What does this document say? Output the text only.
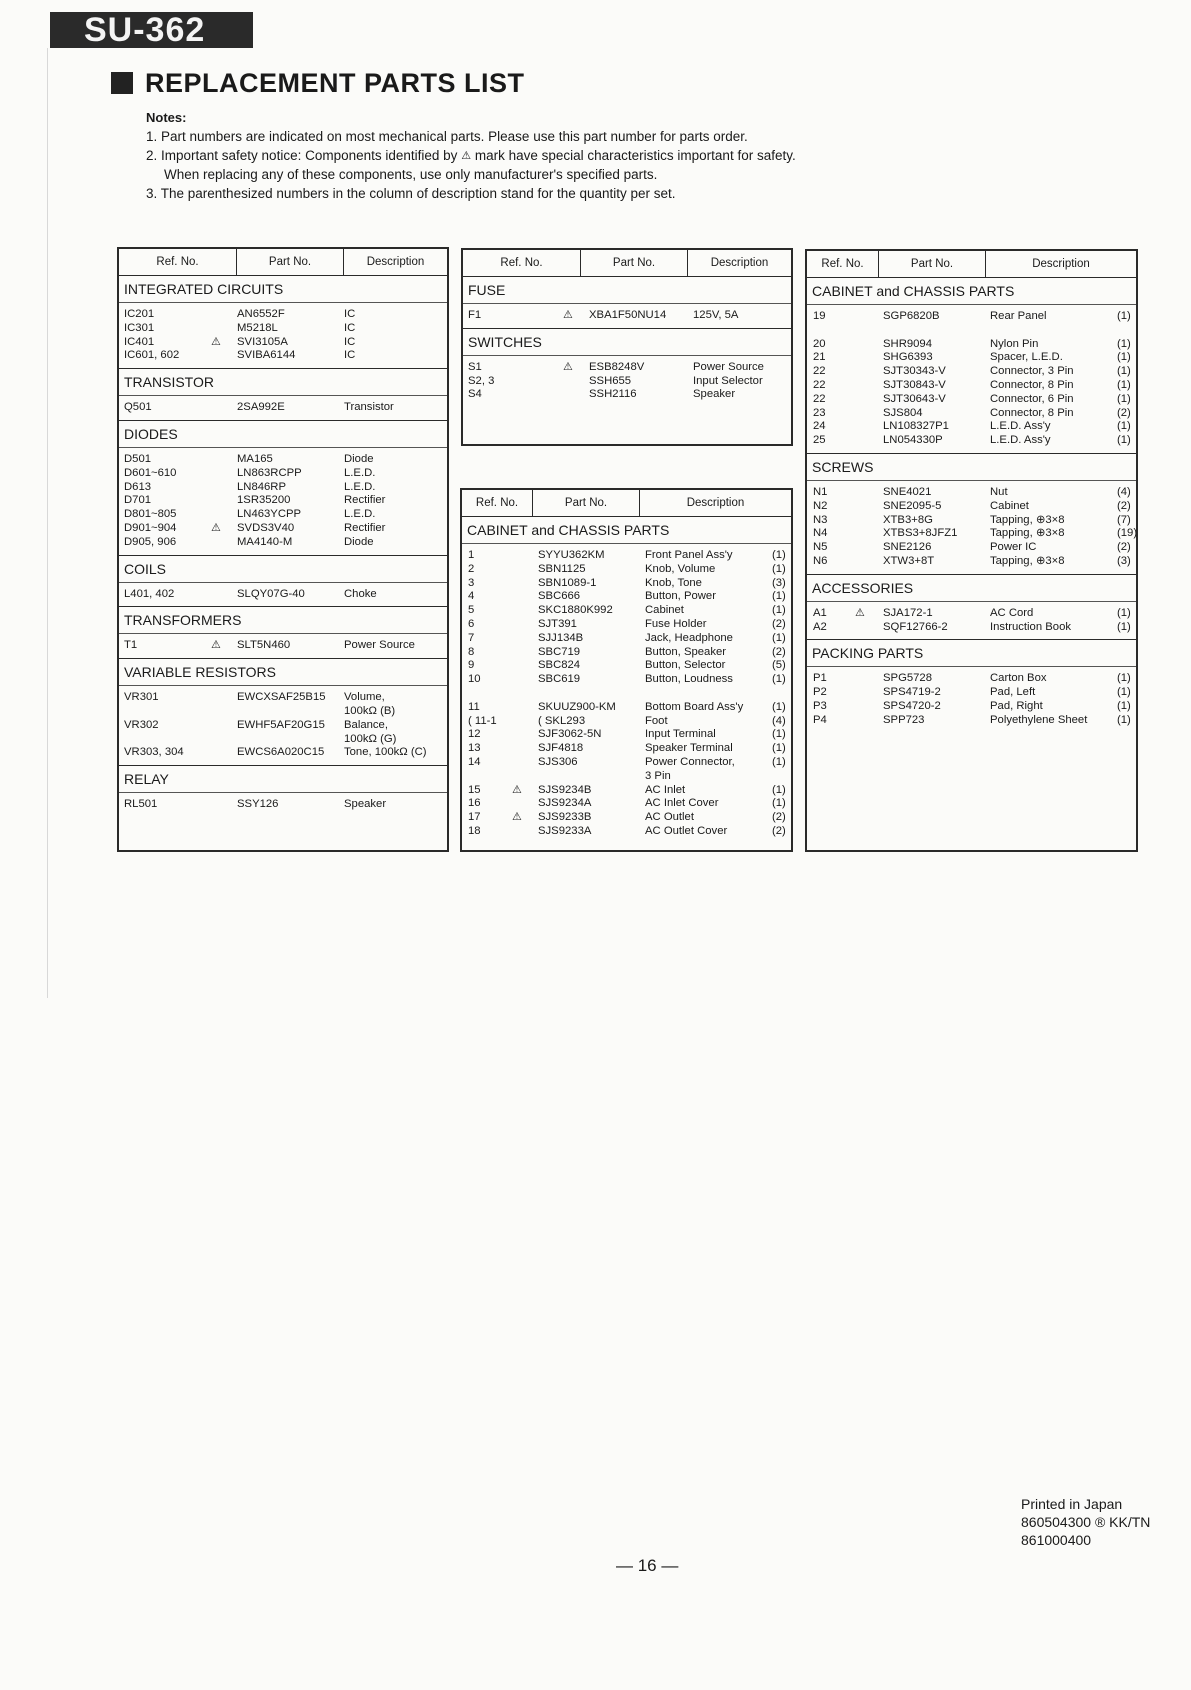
SU-362
REPLACEMENT PARTS LIST
Notes:
1. Part numbers are indicated on most mechanical parts. Please use this part number for parts order.
2. Important safety notice: Components identified by ⚠ mark have special characteristics important for safety.
When replacing any of these components, use only manufacturer's specified parts.
3. The parenthesized numbers in the column of description stand for the quantity per set.
Ref. No.	Part No.	Description
INTEGRATED CIRCUITS
IC201	AN6552F	IC
IC301	M5218L	IC
IC401	⚠ SVI3105A	IC
IC601, 602	SVIBA6144	IC
TRANSISTOR
Q501	2SA992E	Transistor
DIODES
D501	MA165	Diode
D601~610	LN863RCPP	L.E.D.
D613	LN846RP	L.E.D.
D701	1SR35200	Rectifier
D801~805	LN463YCPP	L.E.D.
D901~904	⚠ SVDS3V40	Rectifier
D905, 906	MA4140-M	Diode
COILS
L401, 402	SLQY07G-40	Choke
TRANSFORMERS
T1	⚠ SLT5N460	Power Source
VARIABLE RESISTORS
VR301	EWCXSAF25B15 Volume,
100kΩ (B)
VR302	EWHF5AF20G15 Balance,
100kΩ (G)
VR303, 304	EWCS6A020C15 Tone, 100kΩ (C)
RELAY
RL501	SSY126	Speaker
Ref. No.	Part No.	Description
FUSE
F1	⚠ XBA1F50NU14 125V, 5A
SWITCHES
S1	⚠ ESB8248V	Power Source
S2, 3	SSH655	Input Selector
S4	SSH2116	Speaker
Ref. No.	Part No.	Description
CABINET and CHASSIS PARTS
1	SYYU362KM	Front Panel Ass'y	(1)
2	SBN1125	Knob, Volume	(1)
3	SBN1089-1	Knob, Tone	(3)
4	SBC666	Button, Power	(1)
5	SKC1880K992	Cabinet	(1)
6	SJT391	Fuse Holder	(2)
7	SJJ134B	Jack, Headphone	(1)
8	SBC719	Button, Speaker	(2)
9	SBC824	Button, Selector	(5)
10	SBC619	Button, Loudness	(1)
11	SKUUZ900-KM	Bottom Board Ass'y	(1)
( 11-1	( SKL293	Foot	(4)
12	SJF3062-5N	Input Terminal	(1)
13	SJF4818	Speaker Terminal	(1)
14	SJS306	Power Connector,	(1)
3 Pin
15	⚠ SJS9234B	AC Inlet	(1)
16	SJS9234A	AC Inlet Cover	(1)
17	⚠ SJS9233B	AC Outlet	(2)
18	SJS9233A	AC Outlet Cover	(2)
Ref. No.	Part No.	Description
CABINET and CHASSIS PARTS
19	SGP6820B	Rear Panel	(1)
20	SHR9094	Nylon Pin	(1)
21	SHG6393	Spacer, L.E.D.	(1)
22	SJT30343-V	Connector, 3 Pin	(1)
22	SJT30843-V	Connector, 8 Pin	(1)
22	SJT30643-V	Connector, 6 Pin	(1)
23	SJS804	Connector, 8 Pin	(2)
24	LN108327P1	L.E.D. Ass'y	(1)
25	LN054330P	L.E.D. Ass'y	(1)
SCREWS
N1	SNE4021	Nut	(4)
N2	SNE2095-5	Cabinet	(2)
N3	XTB3+8G	Tapping, ⊕3×8	(7)
N4	XTBS3+8JFZ1	Tapping, ⊕3×8	(19)
N5	SNE2126	Power IC	(2)
N6	XTW3+8T	Tapping, ⊕3×8	(3)
ACCESSORIES
A1	⚠ SJA172-1	AC Cord	(1)
A2	SQF12766-2	Instruction Book	(1)
PACKING PARTS
P1	SPG5728	Carton Box	(1)
P2	SPS4719-2	Pad, Left	(1)
P3	SPS4720-2	Pad, Right	(1)
P4	SPP723	Polyethylene Sheet	(1)
Printed in Japan
860504300 ® KK/TN
861000400
— 16 —
